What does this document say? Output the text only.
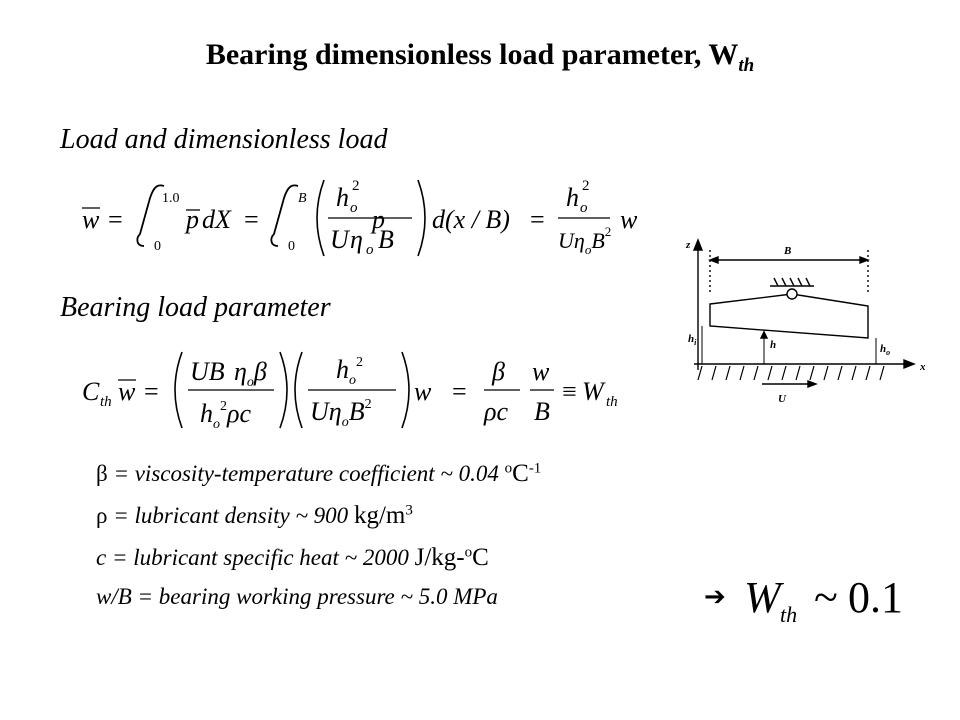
Bearing dimensionless load parameter, $W_{th}$
Load and dimensionless load
Bearing load parameter
w =
1.0
0
p dX =
B
0
h o
2
U η o B
p d(x / B) =
h o
2
$U\eta_oB^2$ w
C th w =
UB $\eta_o\beta$
$h_o^2\rho c$
$h_o^2$
$U\eta_oB^2$ w =
β
ρc
w
B
≡ W th
z	B
$h_i$	h	$h_o$
x
U
β = viscosity-temperature coefficient ~ 0.04 $^oC^{-1}$
ρ = lubricant density ~ 900 $kg/m^3$
c = lubricant specific heat ~ 2000 J/kg-$^o$C
w/B = bearing working pressure ~ 5.0 MPa	➔ W th ~ 0.1
